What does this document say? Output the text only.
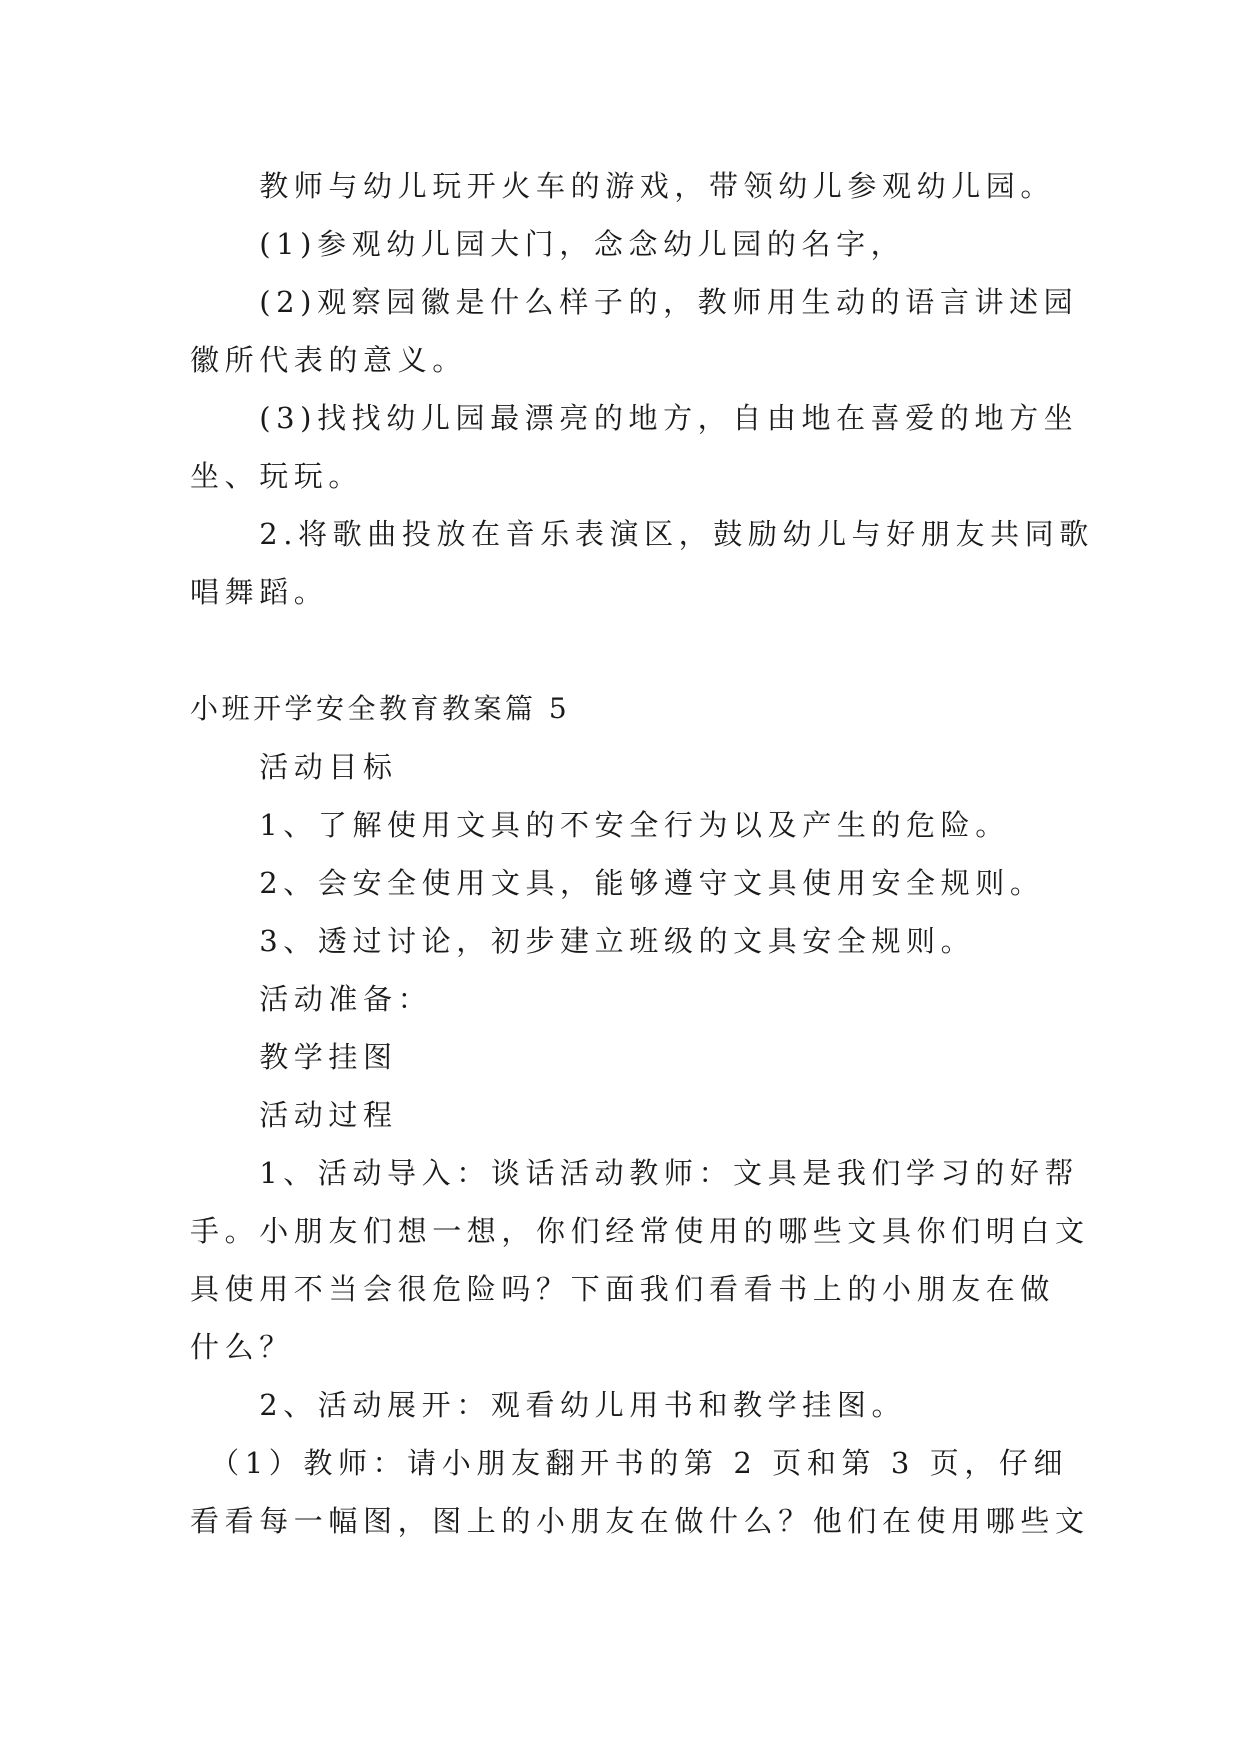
　　教师与幼儿玩开火车的游戏，带领幼儿参观幼儿园。
　　(1)参观幼儿园大门，念念幼儿园的名字，
　　(2)观察园徽是什么样子的，教师用生动的语言讲述园
徽所代表的意义。
　　(3)找找幼儿园最漂亮的地方，自由地在喜爱的地方坐
坐、玩玩。
　　2.将歌曲投放在音乐表演区，鼓励幼儿与好朋友共同歌
唱舞蹈。
小班开学安全教育教案篇 5
　　活动目标
　　1、了解使用文具的不安全行为以及产生的危险。
　　2、会安全使用文具，能够遵守文具使用安全规则。
　　3、透过讨论，初步建立班级的文具安全规则。
　　活动准备：
　　教学挂图
　　活动过程
　　1、活动导入：谈话活动教师：文具是我们学习的好帮
手。小朋友们想一想，你们经常使用的哪些文具你们明白文
具使用不当会很危险吗？下面我们看看书上的小朋友在做
什么？
　　2、活动展开：观看幼儿用书和教学挂图。
　（1）教师：请小朋友翻开书的第 2 页和第 3 页，仔细
看看每一幅图，图上的小朋友在做什么？他们在使用哪些文
